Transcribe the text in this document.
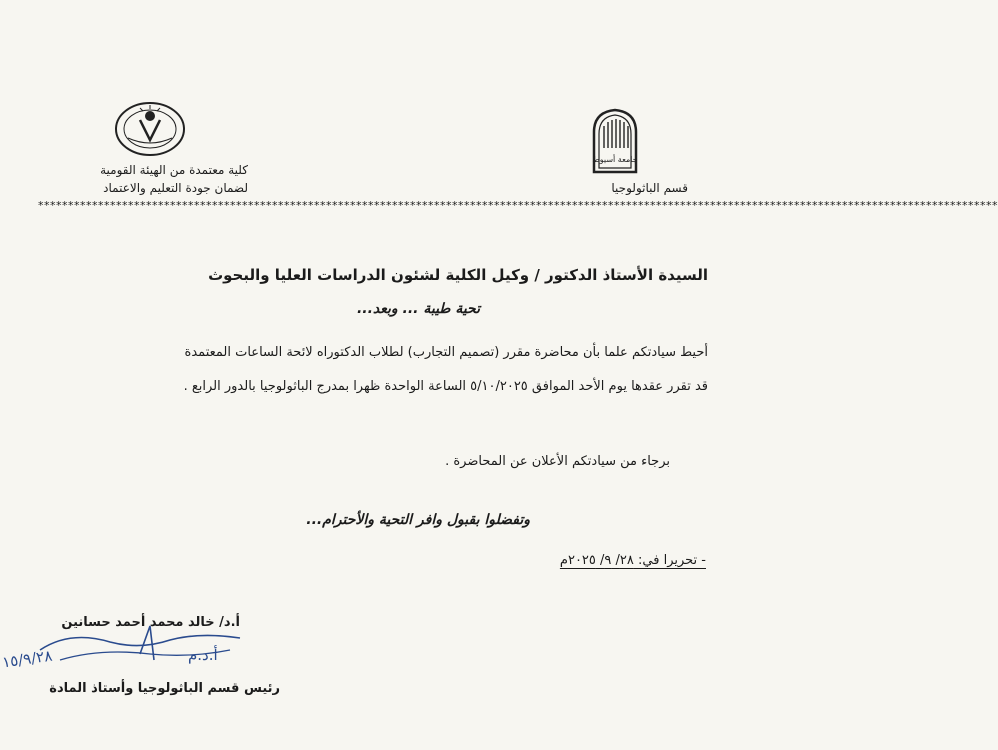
جامعة أسيوط
قسم الباثولوجيا
كلية معتمدة من الهيئة القومية
لضمان جودة التعليم والاعتماد
****************************************************************************************************************************************************************
السيدة الأستاذ الدكتور / وكيل الكلية لشئون الدراسات العليا والبحوث
تحية طيبة ... وبعد...
أحيط سيادتكم علما بأن محاضرة مقرر (تصميم التجارب) لطلاب الدكتوراه لائحة الساعات المعتمدة
قد تقرر عقدها يوم الأحد الموافق ٥/١٠/٢٠٢٥ الساعة الواحدة ظهرا بمدرج الباثولوجيا بالدور الرابع .
برجاء من سيادتكم الأعلان عن المحاضرة .
وتفضلوا بقبول وافر التحية والأحترام...
- تحريرا في: ٢٨/ ٩/ ٢٠٢٥م
أ.د/ خالد محمد أحمد حسانين
أ.د.م
١٥/٩/٢٨
رئيس قسم الباثولوجيا وأستاذ المادة
